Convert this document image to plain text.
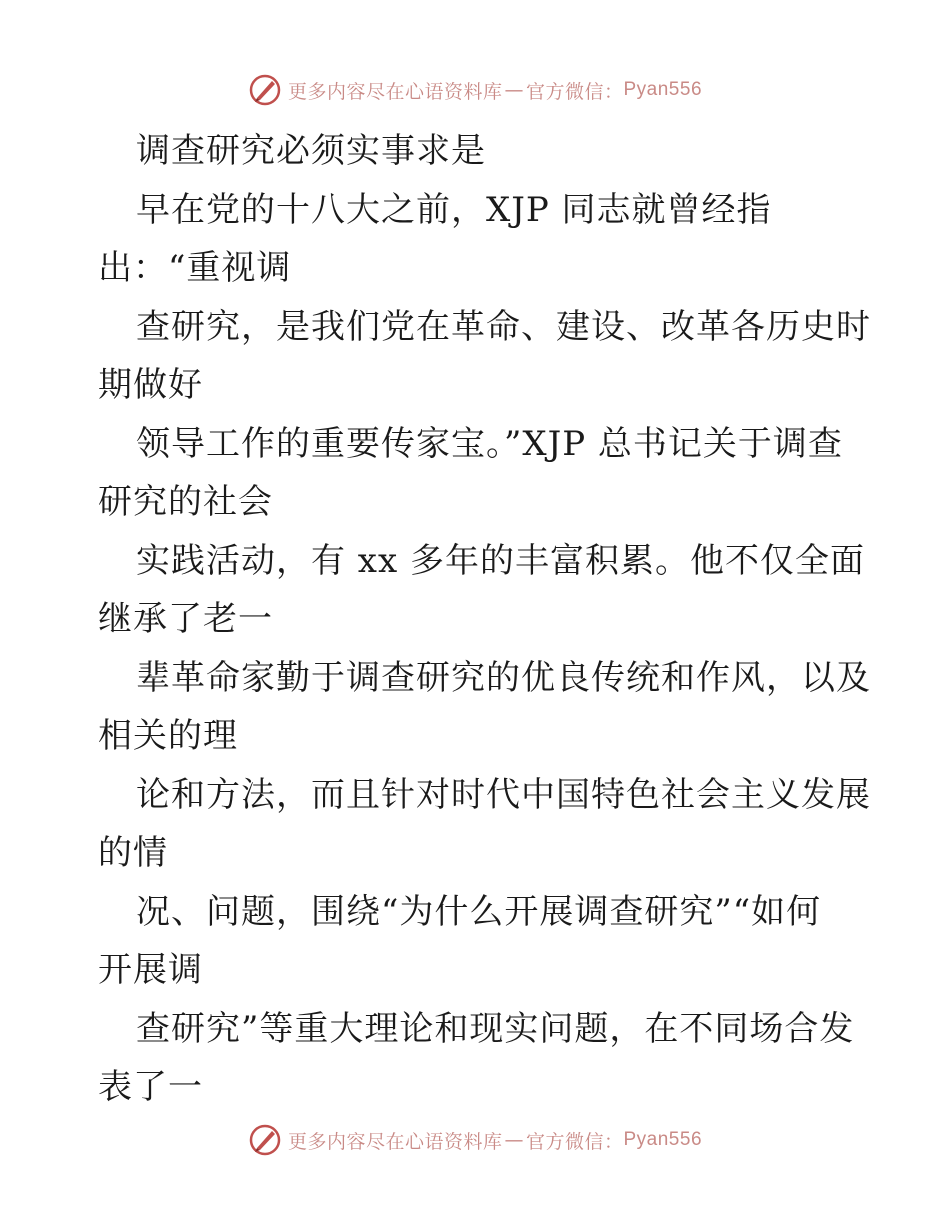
更多内容尽在心语资料库 — 官方微信： Pyan556
调查研究必须实事求是
早在党的十八大之前，XJP 同志就曾经指
出：“重视调
查研究，是我们党在革命、建设、改革各历史时
期做好
领导工作的重要传家宝。”XJP 总书记关于调查
研究的社会
实践活动，有 xx 多年的丰富积累。他不仅全面
继承了老一
辈革命家勤于调查研究的优良传统和作风，以及
相关的理
论和方法，而且针对时代中国特色社会主义发展
的情
况、问题，围绕“为什么开展调查研究”“如何
开展调
查研究”等重大理论和现实问题，在不同场合发
表了一
更多内容尽在心语资料库 — 官方微信： Pyan556
